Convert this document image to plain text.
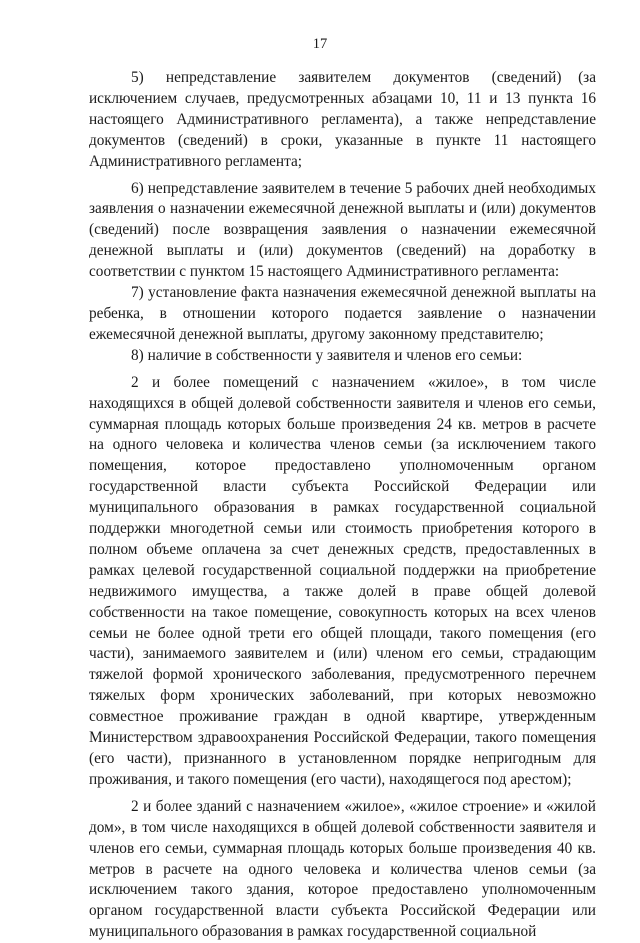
17

5)    непредставление    заявителем    документов    (сведений)   (за исключением случаев, предусмотренных абзацами 10, 11 и 13 пункта 16 настоящего Административного регламента), а также непредставление документов (сведений) в сроки, указанные в пункте 11 настоящего Административного регламента;

6) непредставление заявителем в течение 5 рабочих дней необходимых заявления о назначении ежемесячной денежной выплаты и (или) документов (сведений) после возвращения заявления о назначении ежемесячной денежной выплаты и (или) документов (сведений) на доработку в соответствии с пунктом 15 настоящего Административного регламента:

7) установление факта назначения ежемесячной денежной выплаты на ребенка, в отношении которого подается заявление о назначении ежемесячной денежной выплаты, другому законному представителю;

8) наличие в собственности у заявителя и членов его семьи:

2 и более помещений с назначением «жилое», в том числе находящихся в общей долевой собственности заявителя и членов его семьи, суммарная площадь которых больше произведения 24 кв. метров в расчете на одного человека и количества членов семьи (за исключением такого помещения, которое предоставлено уполномоченным органом государственной власти субъекта Российской Федерации или муниципального образования в рамках государственной социальной поддержки многодетной семьи или стоимость приобретения которого в полном объеме оплачена за счет денежных средств, предоставленных в рамках целевой государственной социальной поддержки на приобретение недвижимого имущества, а также долей в праве общей долевой собственности на такое помещение, совокупность которых на всех членов семьи не более одной трети его общей площади, такого помещения (его части), занимаемого заявителем и (или) членом его семьи, страдающим тяжелой формой хронического заболевания, предусмотренного перечнем тяжелых форм хронических заболеваний, при которых невозможно совместное проживание граждан в одной квартире, утвержденным Министерством здравоохранения Российской Федерации, такого помещения (его части), признанного в установленном порядке непригодным для проживания, и такого помещения (его части), находящегося под арестом);

2 и более зданий с назначением «жилое», «жилое строение» и «жилой дом», в том числе находящихся в общей долевой собственности заявителя и членов его семьи, суммарная площадь которых больше произведения 40 кв. метров в расчете на одного человека и количества членов семьи (за исключением такого здания, которое предоставлено уполномоченным органом государственной власти субъекта Российской Федерации или муниципального образования в рамках государственной социальной
